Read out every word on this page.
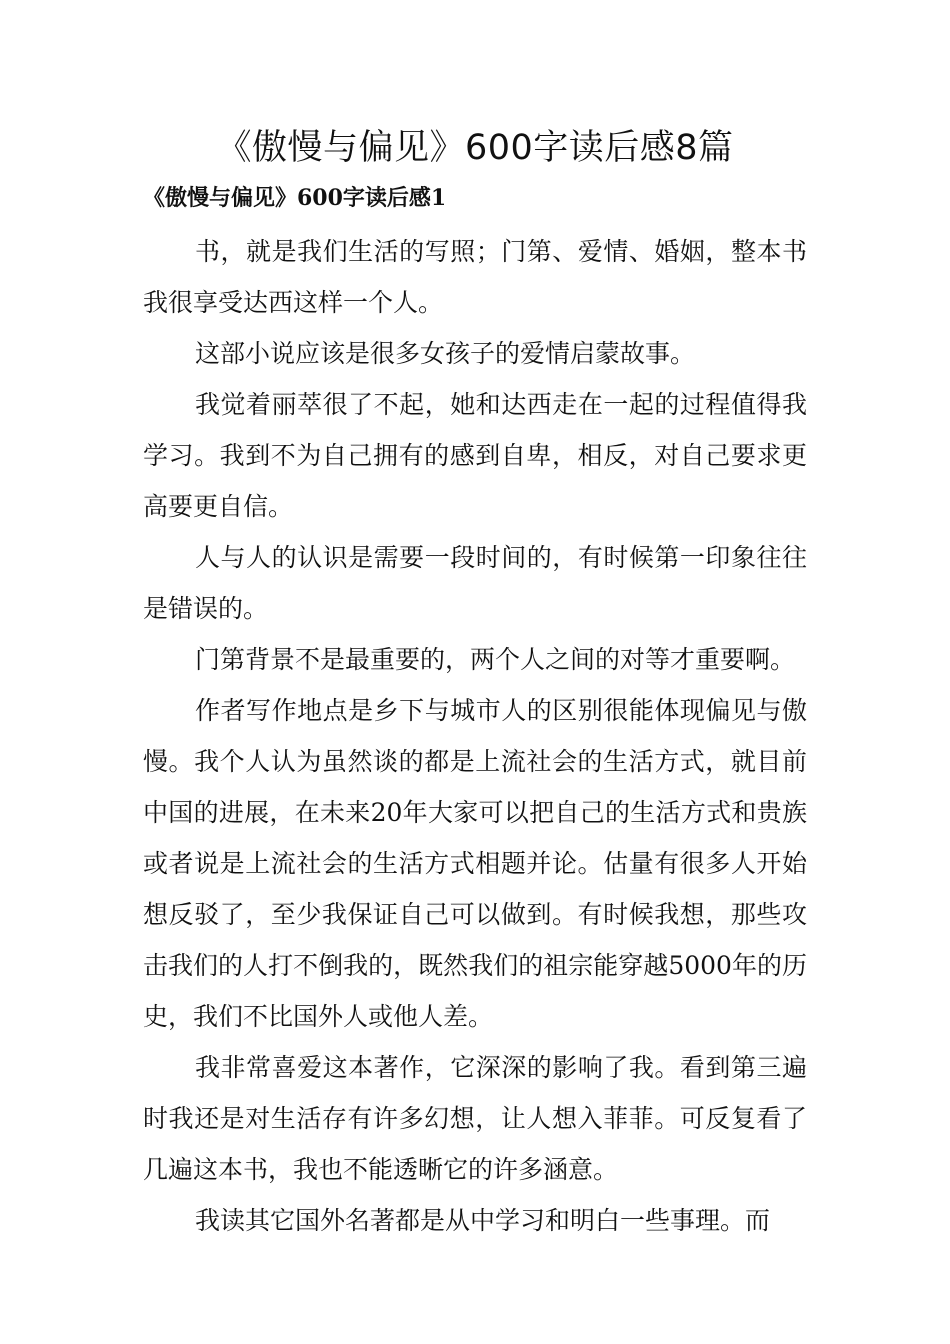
《傲慢与偏见》600字读后感8篇
《傲慢与偏见》600字读后感1

书，就是我们生活的写照；门第、爱情、婚姻，整本书我很享受达西这样一个人。

这部小说应该是很多女孩子的爱情启蒙故事。

我觉着丽萃很了不起，她和达西走在一起的过程值得我学习。我到不为自己拥有的感到自卑，相反，对自己要求更高要更自信。

人与人的认识是需要一段时间的，有时候第一印象往往是错误的。

门第背景不是最重要的，两个人之间的对等才重要啊。

作者写作地点是乡下与城市人的区别很能体现偏见与傲慢。我个人认为虽然谈的都是上流社会的生活方式，就目前中国的进展，在未来20年大家可以把自己的生活方式和贵族或者说是上流社会的生活方式相题并论。估量有很多人开始想反驳了，至少我保证自己可以做到。有时候我想，那些攻击我们的人打不倒我的，既然我们的祖宗能穿越5000年的历史，我们不比国外人或他人差。

我非常喜爱这本著作，它深深的影响了我。看到第三遍时我还是对生活存有许多幻想，让人想入菲菲。可反复看了几遍这本书，我也不能透晰它的许多涵意。

我读其它国外名著都是从中学习和明白一些事理。而
